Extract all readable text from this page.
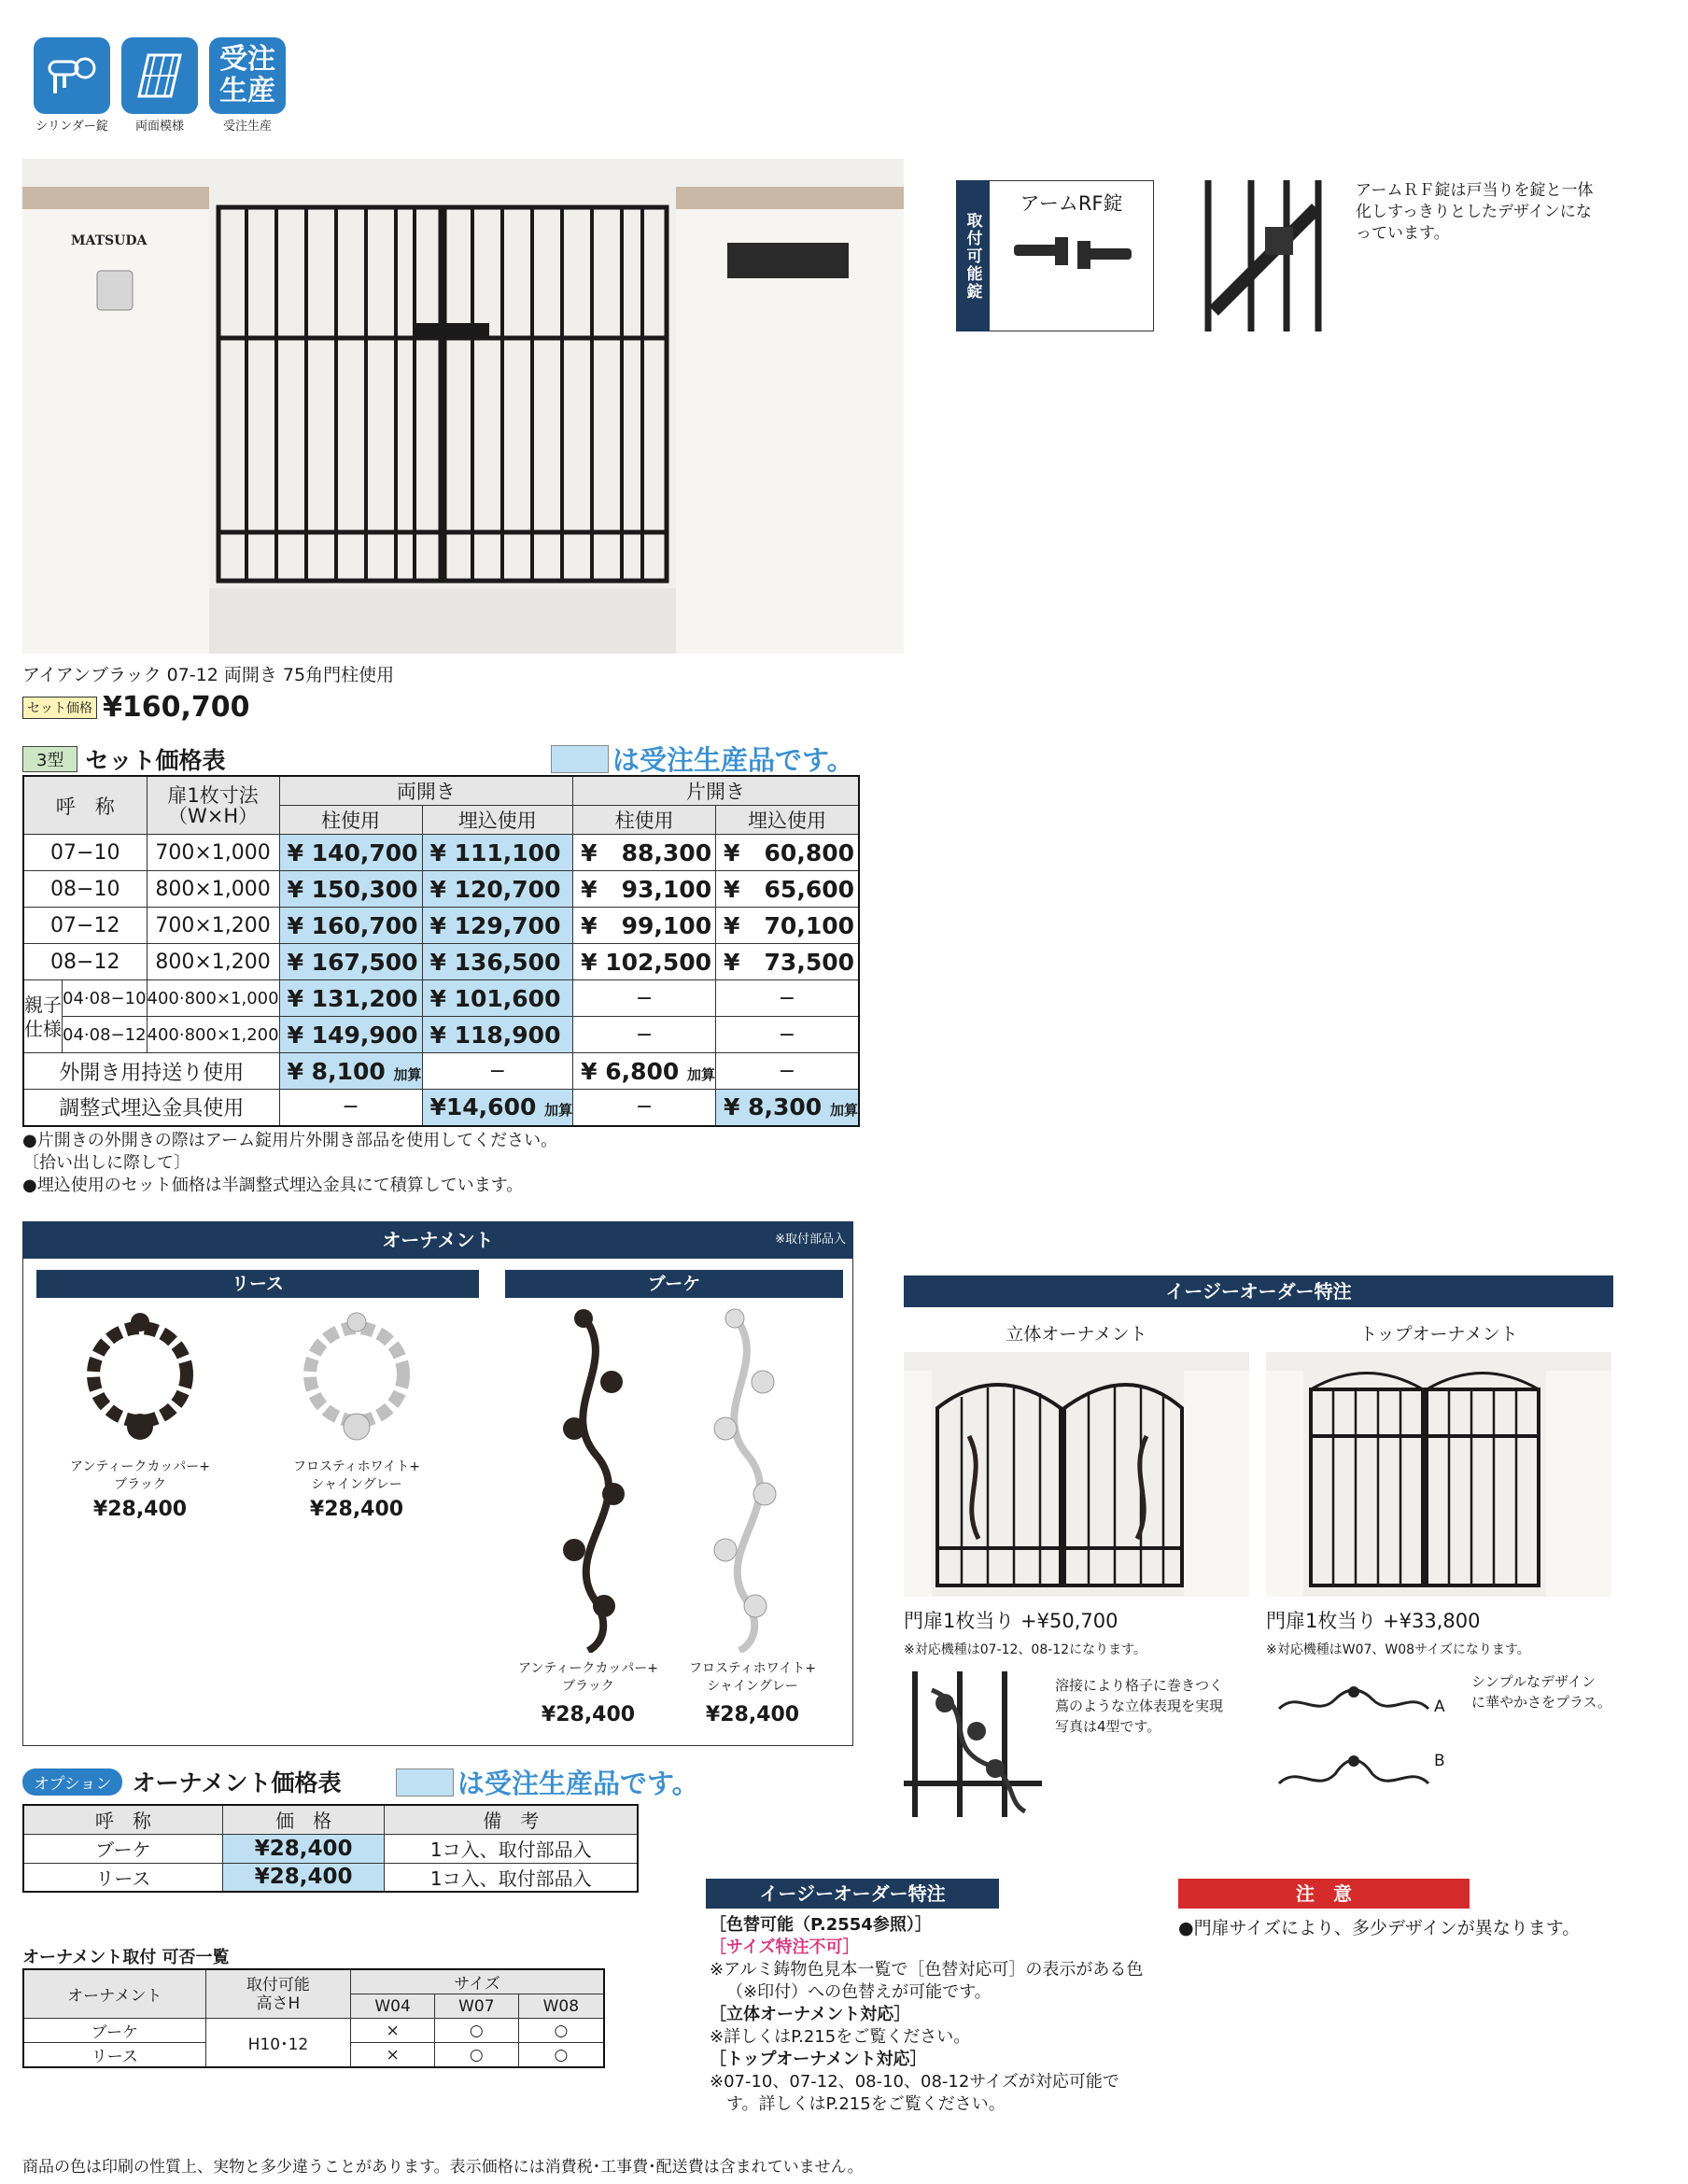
受注
生産
シリンダー錠	両面模様	受注生産
MATSUDA
アイアンブラック 07-12 両開き 75角門柱使用
セット価格 ¥160,700
取付可能錠
アームRF錠
アームＲＦ錠は戸当りを錠と一体化しすっきりとしたデザインになっています。
3型 セット価格表	は受注生産品です。
呼　称		扉1枚寸法
（W×H）	両開き		片開き	
			柱使用	埋込使用	柱使用	埋込使用
07−10		700×1,000	¥ 140,700	¥ 111,100	¥   88,300	¥   60,800
08−10		800×1,000	¥ 150,300	¥ 120,700	¥   93,100	¥   65,600
07−12		700×1,200	¥ 160,700	¥ 129,700	¥   99,100	¥   70,100
08−12		800×1,200	¥ 167,500	¥ 136,500	¥ 102,500	¥   73,500
親子
仕様	04·08−10	400·800×1,000	¥ 131,200	¥ 101,600	−	−
	04·08−12	400·800×1,200	¥ 149,900	¥ 118,900	−	−
外開き用持送り使用			¥ 8,100 加算	−	¥ 6,800 加算	−
調整式埋込金具使用			−	¥14,600 加算	−	¥ 8,300 加算
●片開きの外開きの際はアーム錠用片外開き部品を使用してください。
〔拾い出しに際して〕
●埋込使用のセット価格は半調整式埋込金具にて積算しています。
オーナメント	※取付部品入
リース	ブーケ
アンティークカッパー+
ブラック
¥28,400
フロスティホワイト+
シャイングレー
¥28,400
アンティークカッパー+
ブラック
¥28,400
フロスティホワイト+
シャイングレー
¥28,400
オプション オーナメント価格表	は受注生産品です。
呼　称	価　格	備　考
ブーケ	¥28,400	1コ入、取付部品入
リース	¥28,400	1コ入、取付部品入
オーナメント取付 可否一覧
オーナメント	取付可能
高さH	サイズ		
		W04	W07	W08
ブーケ	H10･12	×	○	○
リース		×	○	○
イージーオーダー特注
立体オーナメント	トップオーナメント
門扉1枚当り +¥50,700
※対応機種は07-12、08-12になります。
門扉1枚当り +¥33,800
※対応機種はW07、W08サイズになります。
溶接により格子に巻きつく
蔦のような立体表現を実現
写真は4型です。
A
B
シンプルなデザイン
に華やかさをプラス。
イージーオーダー特注
［色替可能（P.2554参照）］
［サイズ特注不可］
※アルミ鋳物色見本一覧で［色替対応可］の表示がある色（※印付）への色替えが可能です。
［立体オーナメント対応］
※詳しくはP.215をご覧ください。
［トップオーナメント対応］
※07-10、07-12、08-10、08-12サイズが対応可能です。詳しくはP.215をご覧ください。
注　意
●門扉サイズにより、多少デザインが異なります。
商品の色は印刷の性質上、実物と多少違うことがあります。表示価格には消費税･工事費･配送費は含まれていません。
